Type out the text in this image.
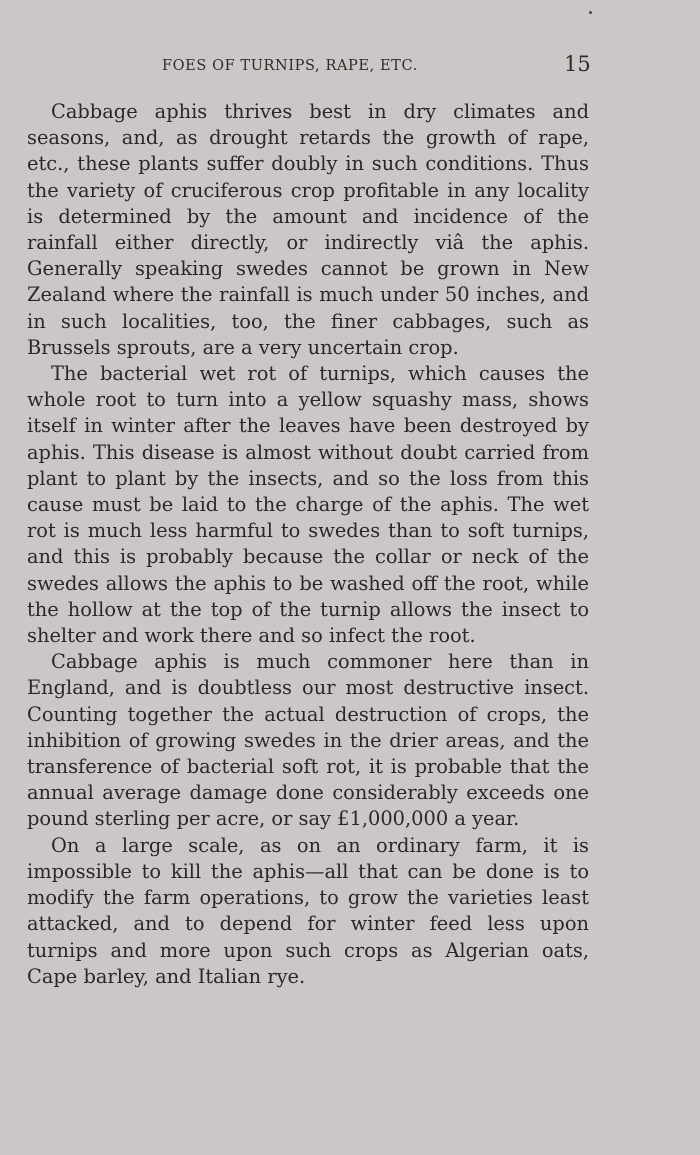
FOES OF TURNIPS, RAPE, ETC.	15

Cabbage aphis thrives best in dry climates and seasons, and, as drought retards the growth of rape, etc., these plants suffer doubly in such conditions. Thus the variety of cruciferous crop profitable in any locality is determined by the amount and incidence of the rainfall either directly, or indirectly viâ the aphis. Generally speaking swedes cannot be grown in New Zealand where the rainfall is much under 50 inches, and in such localities, too, the finer cabbages, such as Brussels sprouts, are a very uncertain crop.

The bacterial wet rot of turnips, which causes the whole root to turn into a yellow squashy mass, shows itself in winter after the leaves have been destroyed by aphis. This disease is almost without doubt carried from plant to plant by the insects, and so the loss from this cause must be laid to the charge of the aphis. The wet rot is much less harmful to swedes than to soft turnips, and this is probably because the collar or neck of the swedes allows the aphis to be washed off the root, while the hollow at the top of the turnip allows the insect to shelter and work there and so infect the root.

Cabbage aphis is much commoner here than in England, and is doubtless our most destructive insect. Counting together the actual destruction of crops, the inhibition of growing swedes in the drier areas, and the transference of bacterial soft rot, it is probable that the annual average damage done considerably exceeds one pound sterling per acre, or say £1,000,000 a year.

On a large scale, as on an ordinary farm, it is impossible to kill the aphis—all that can be done is to modify the farm operations, to grow the varieties least attacked, and to depend for winter feed less upon turnips and more upon such crops as Algerian oats, Cape barley, and Italian rye.
